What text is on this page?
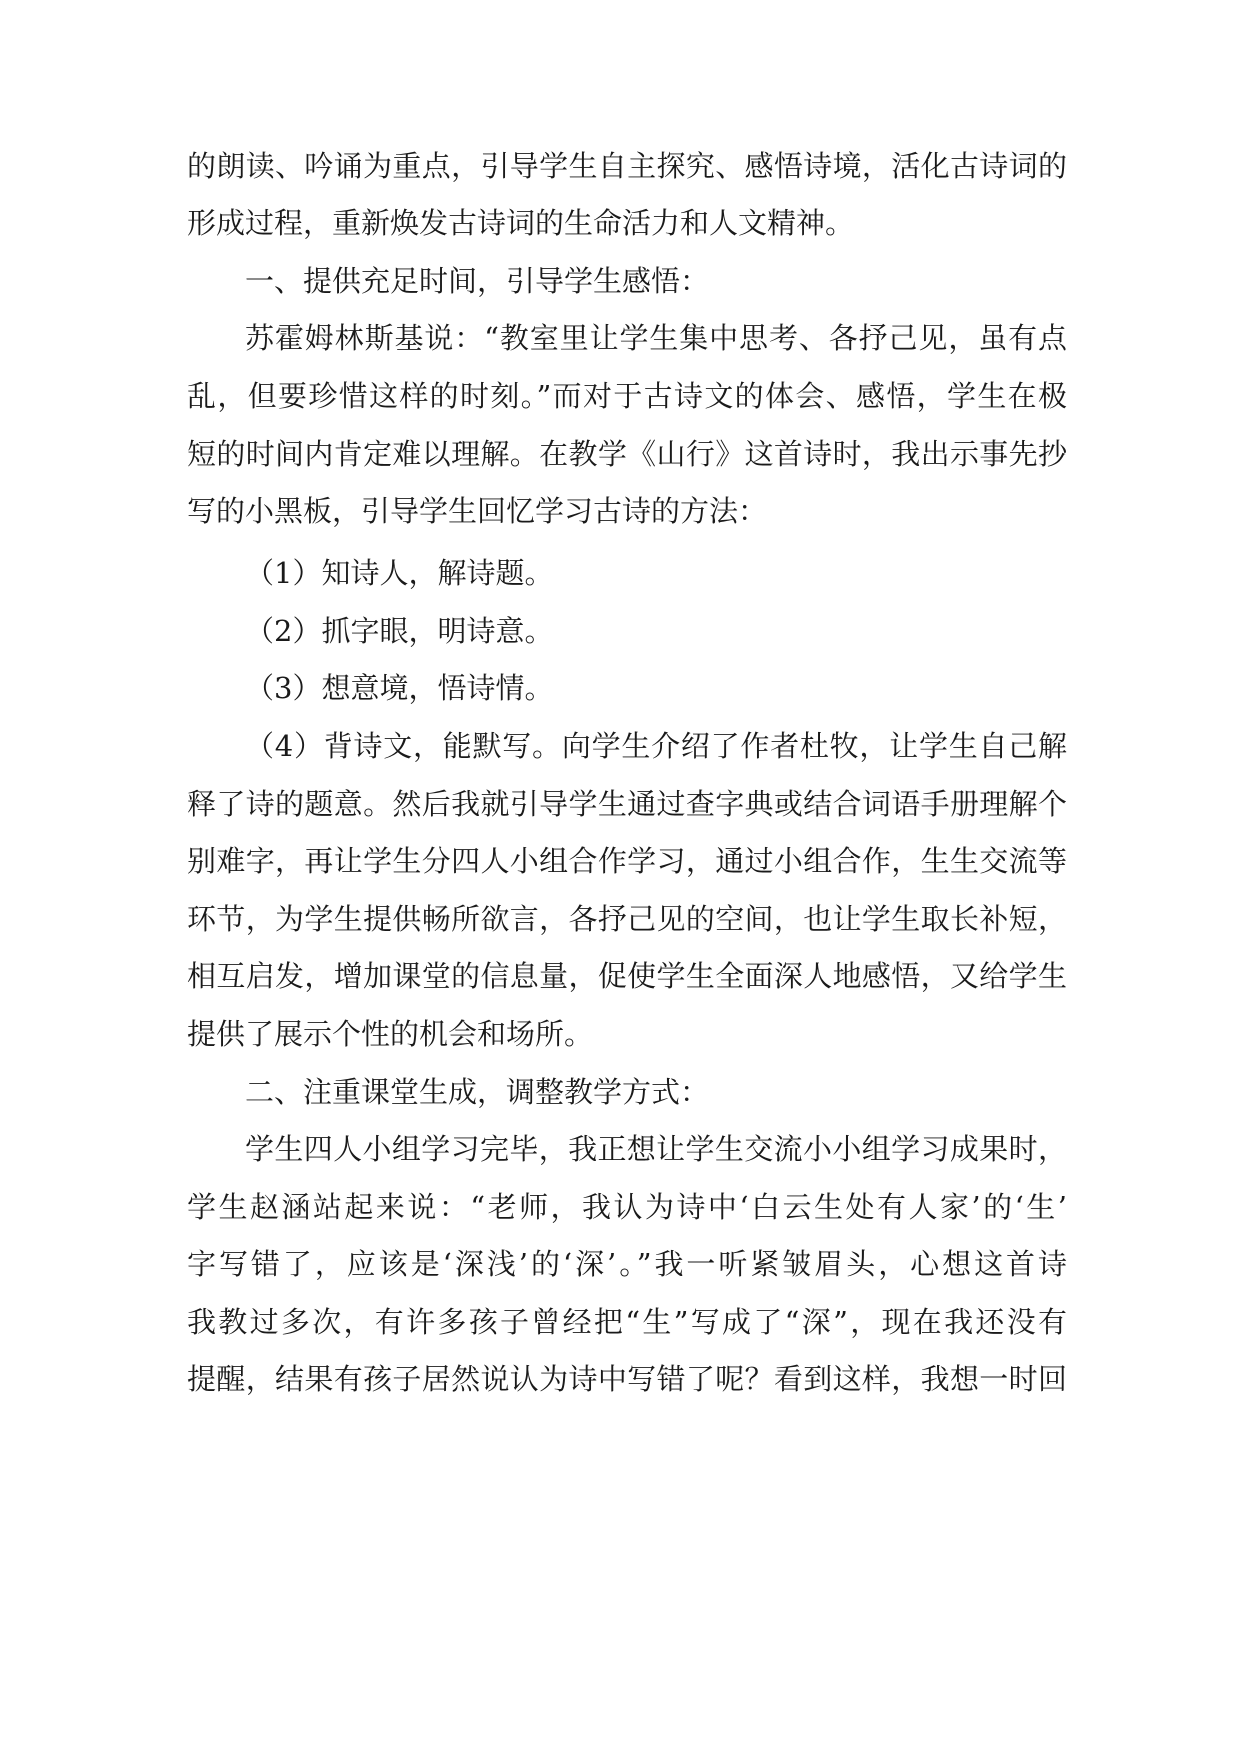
的朗读、吟诵为重点，引导学生自主探究、感悟诗境，活化古诗词的
形成过程，重新焕发古诗词的生命活力和人文精神。
一、提供充足时间，引导学生感悟：
苏霍姆林斯基说：“教室里让学生集中思考、各抒己见，虽有点
乱，但要珍惜这样的时刻。”而对于古诗文的体会、感悟，学生在极
短的时间内肯定难以理解。在教学《山行》这首诗时，我出示事先抄
写的小黑板，引导学生回忆学习古诗的方法：
（1）知诗人，解诗题。
（2）抓字眼，明诗意。
（3）想意境，悟诗情。
（4）背诗文，能默写。向学生介绍了作者杜牧，让学生自己解
释了诗的题意。然后我就引导学生通过查字典或结合词语手册理解个
别难字，再让学生分四人小组合作学习，通过小组合作，生生交流等
环节，为学生提供畅所欲言，各抒己见的空间，也让学生取长补短，
相互启发，增加课堂的信息量，促使学生全面深人地感悟，又给学生
提供了展示个性的机会和场所。
二、注重课堂生成，调整教学方式：
学生四人小组学习完毕，我正想让学生交流小小组学习成果时，
学生赵涵站起来说：“老师，我认为诗中‘白云生处有人家’的‘生’
字写错了，应该是‘深浅’的‘深’。”我一听紧皱眉头，心想这首诗
我教过多次，有许多孩子曾经把“生”写成了“深”，现在我还没有
提醒，结果有孩子居然说认为诗中写错了呢？看到这样，我想一时回
